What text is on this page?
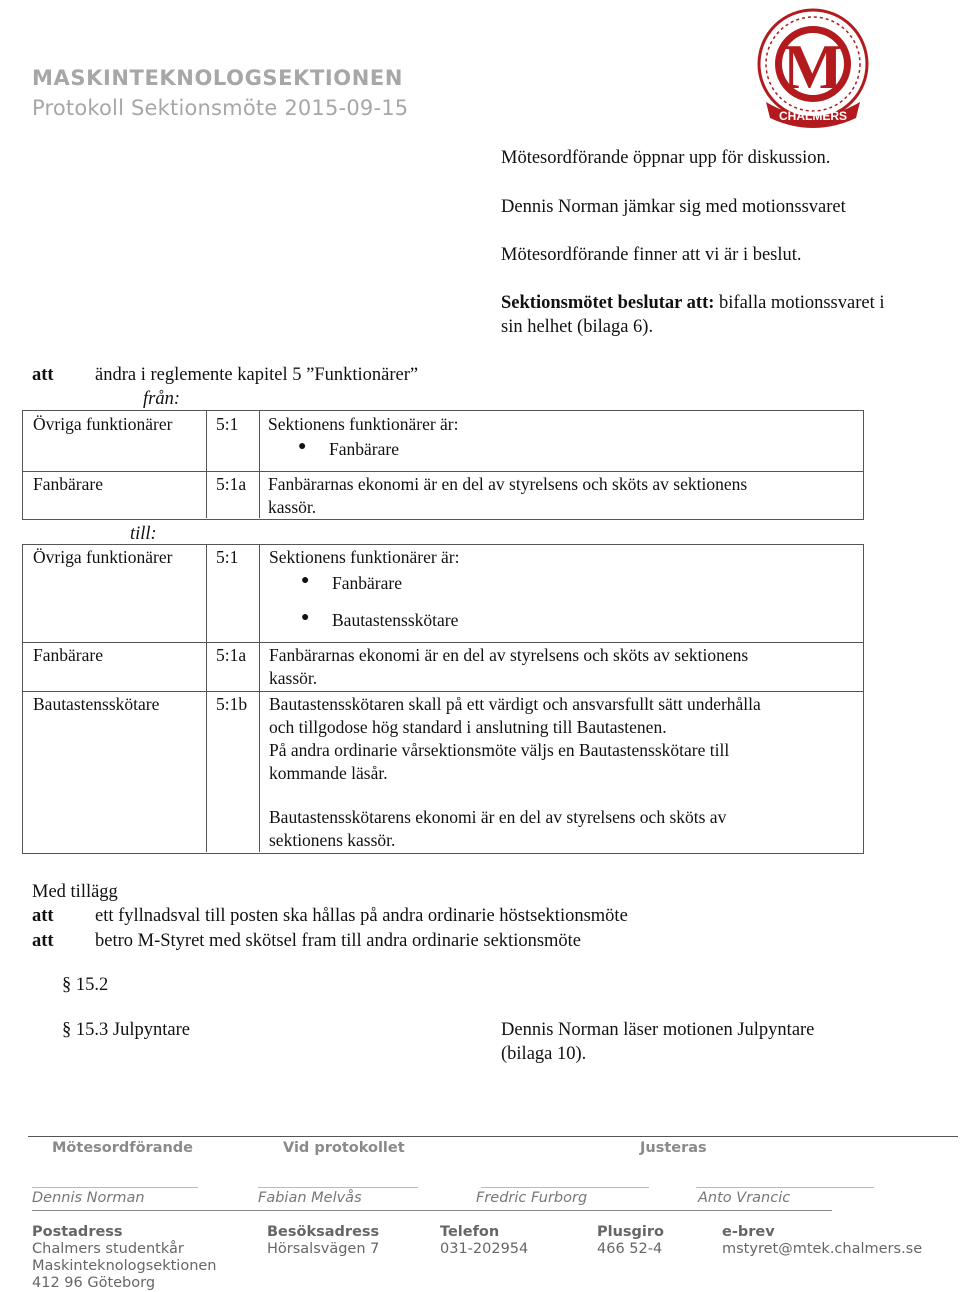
MASKINTEKNOLOGSEKTIONEN
Protokoll Sektionsmöte 2015-09-15
M
CHALMERS
Mötesordförande öppnar upp för diskussion.
Dennis Norman jämkar sig med motionssvaret
Mötesordförande finner att vi är i beslut.
Sektionsmötet beslutar att: bifalla motionssvaret i
sin helhet (bilaga 6).
att ändra i reglemente kapitel 5 ”Funktionärer”
från:
Övriga funktionärer 5:1 Sektionens funktionärer är:
● Fanbärare
Fanbärare	5:1a Fanbärarnas ekonomi är en del av styrelsens och sköts av sektionens
kassör.
till:
Övriga funktionärer 5:1 Sektionens funktionärer är:
● Fanbärare
● Bautastensskötare
Fanbärare	5:1a Fanbärarnas ekonomi är en del av styrelsens och sköts av sektionens
kassör.
Bautastensskötare	5:1b Bautastensskötaren skall på ett värdigt och ansvarsfullt sätt underhålla
och tillgodose hög standard i anslutning till Bautastenen.
På andra ordinarie vårsektionsmöte väljs en Bautastensskötare till
kommande läsår.
Bautastensskötarens ekonomi är en del av styrelsens och sköts av
sektionens kassör.
Med tillägg
att ett fyllnadsval till posten ska hållas på andra ordinarie höstsektionsmöte
att betro M-Styret med skötsel fram till andra ordinarie sektionsmöte
§ 15.2
§ 15.3 Julpyntare	Dennis Norman läser motionen Julpyntare
(bilaga 10).
Mötesordförande	Vid protokollet	Justeras
Dennis Norman	Fabian Melvås	Fredric Furborg	Anto Vrancic
Postadress
Chalmers studentkår
Maskinteknologsektionen
412 96 Göteborg
Besöksadress
Hörsalsvägen 7
Telefon
031-202954
Plusgiro
466 52-4
e-brev
mstyret@mtek.chalmers.se
